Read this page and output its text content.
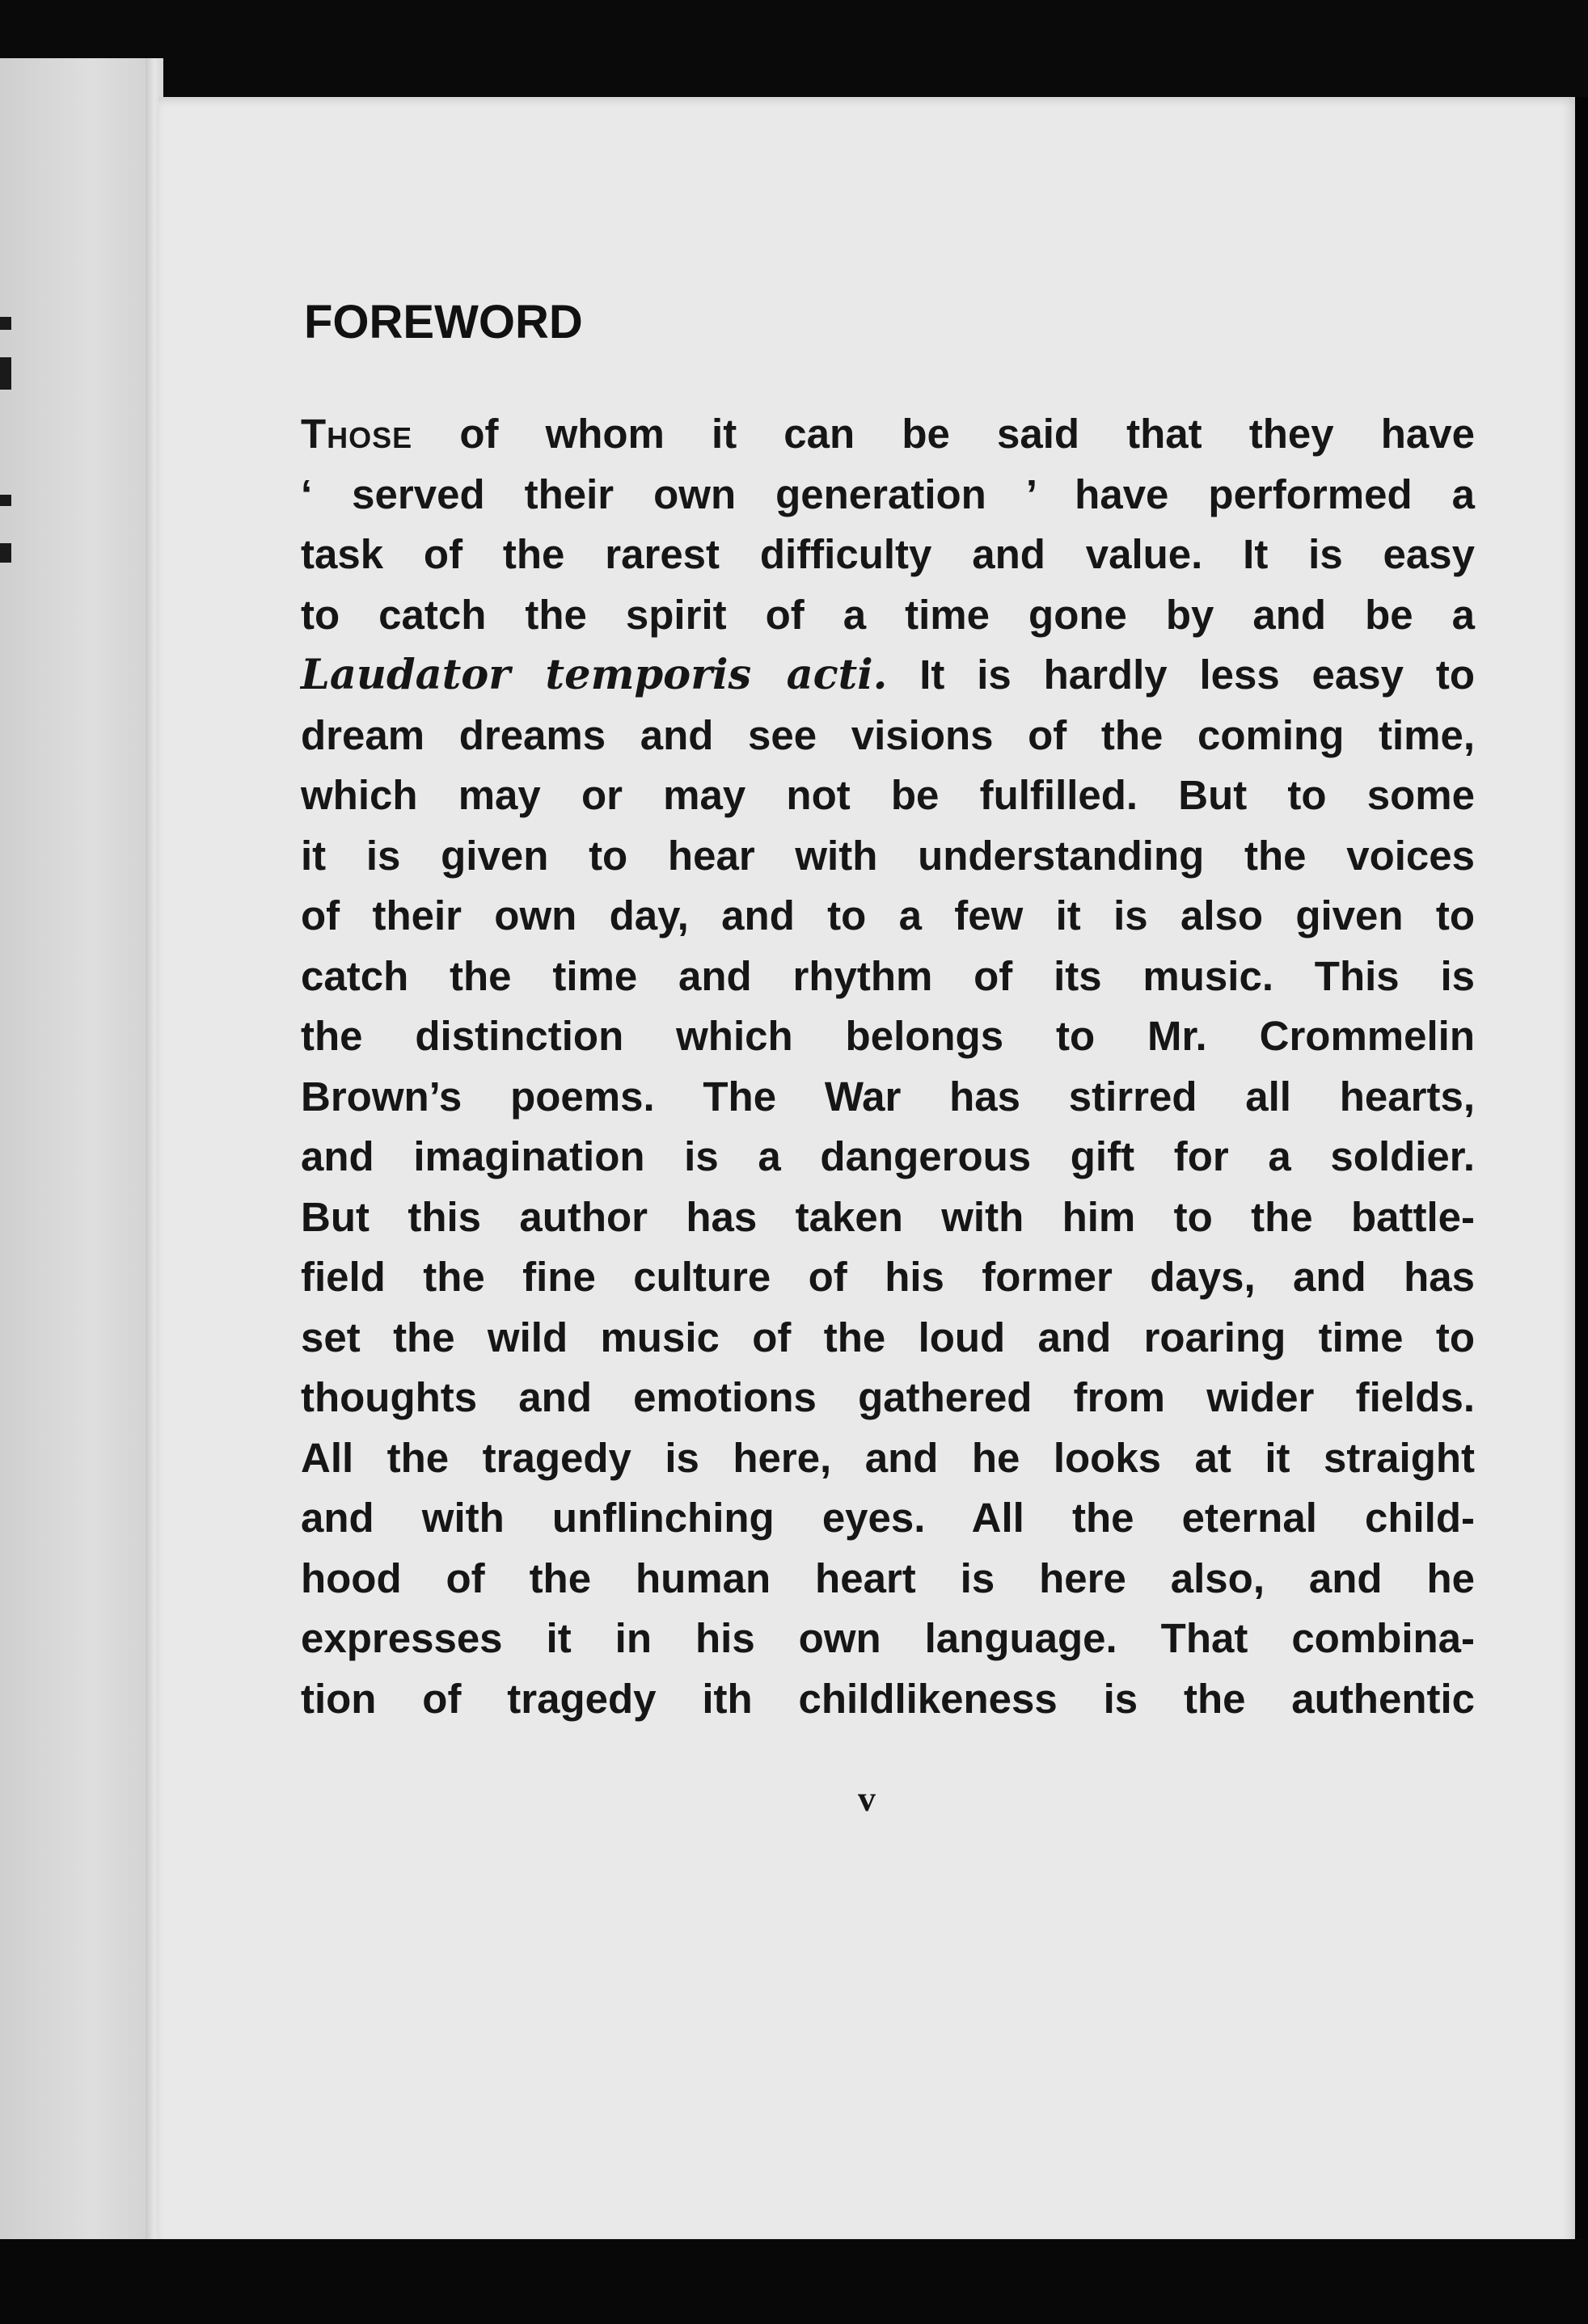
FOREWORD
Those of whom it can be said that they have
‘ served their own generation ’ have performed a
task of the rarest difficulty and value. It is easy
to catch the spirit of a time gone by and be a
Laudator temporis acti. It is hardly less easy to
dream dreams and see visions of the coming time,
which may or may not be fulfilled. But to some
it is given to hear with understanding the voices
of their own day, and to a few it is also given to
catch the time and rhythm of its music. This is
the distinction which belongs to Mr. Crommelin
Brown’s poems. The War has stirred all hearts,
and imagination is a dangerous gift for a soldier.
But this author has taken with him to the battle-
field the fine culture of his former days, and has
set the wild music of the loud and roaring time to
thoughts and emotions gathered from wider fields.
All the tragedy is here, and he looks at it straight
and with unflinching eyes. All the eternal child-
hood of the human heart is here also, and he
expresses it in his own language. That combina-
tion of tragedy ith childlikeness is the authentic
v
